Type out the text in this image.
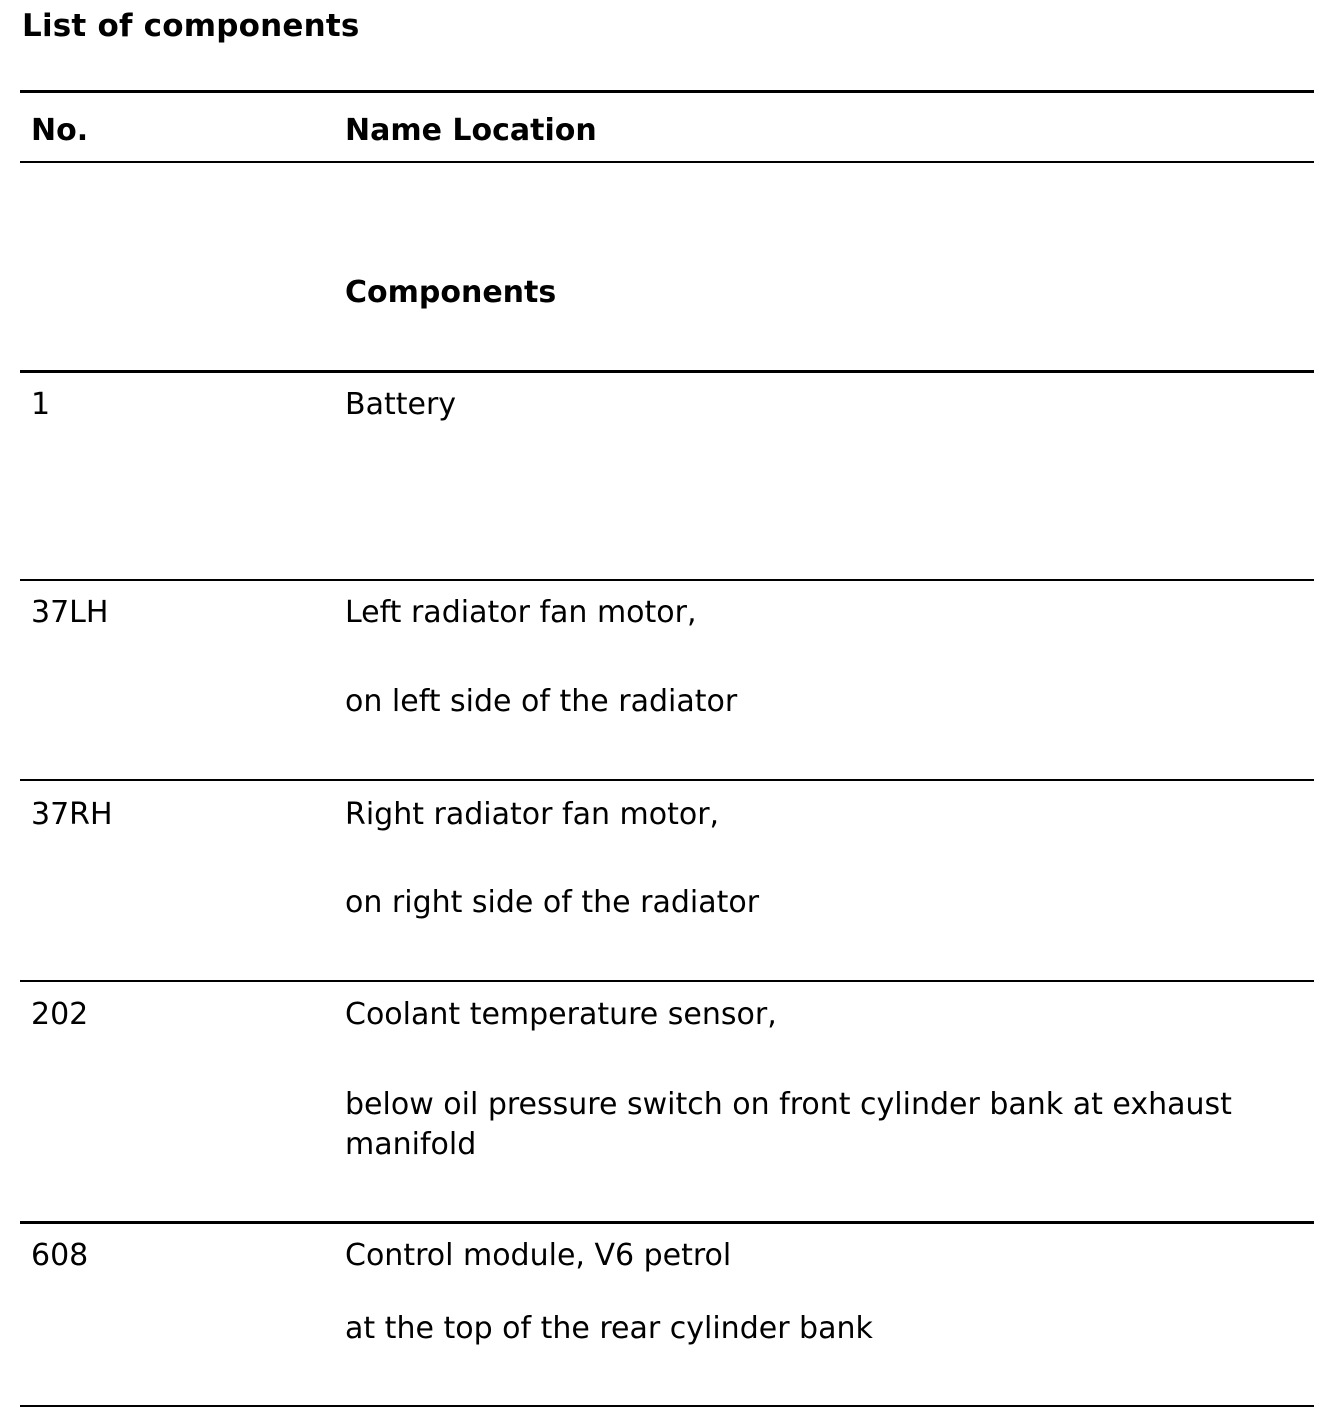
List of components
No.	Name Location
Components
1	Battery
37LH	Left radiator fan motor,
on left side of the radiator
37RH	Right radiator fan motor,
on right side of the radiator
202	Coolant temperature sensor,
below oil pressure switch on front cylinder bank at exhaust manifold
608	Control module, V6 petrol
at the top of the rear cylinder bank
